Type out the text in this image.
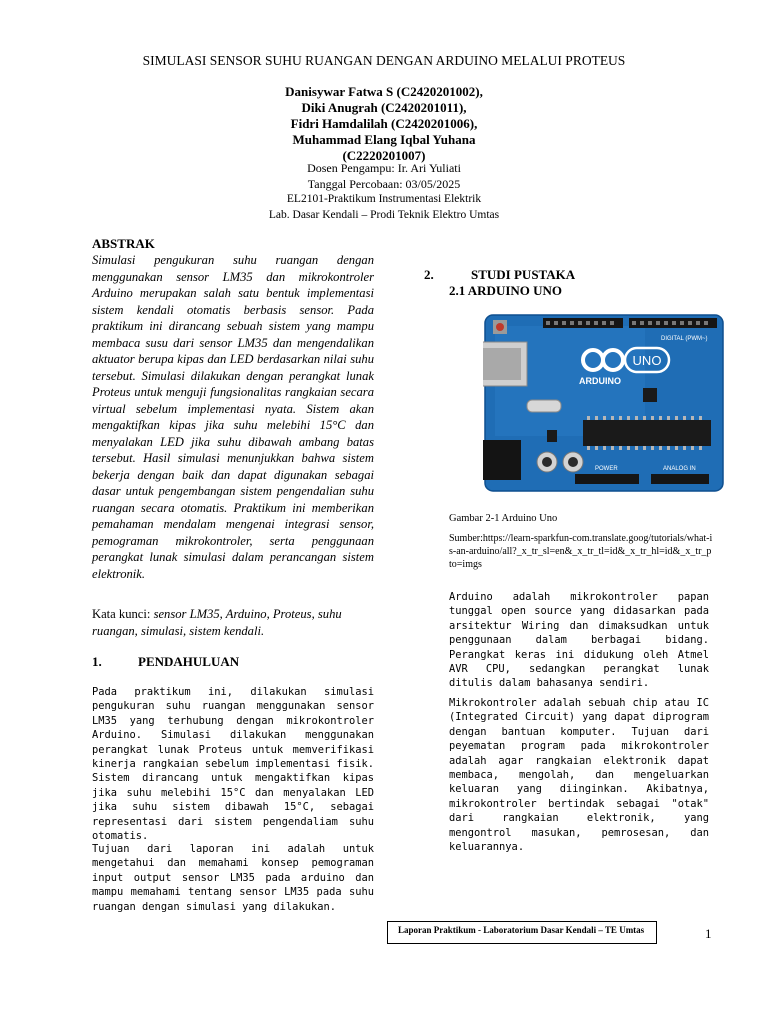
SIMULASI SENSOR SUHU RUANGAN DENGAN ARDUINO MELALUI PROTEUS
Danisywar Fatwa S (C2420201002),
Diki Anugrah (C2420201011),
Fidri Hamdalilah (C2420201006),
Muhammad Elang Iqbal Yuhana
(C2220201007)
Dosen Pengampu: Ir. Ari Yuliati
Tanggal Percobaan: 03/05/2025
EL2101-Praktikum Instrumentasi Elektrik
Lab. Dasar Kendali – Prodi Teknik Elektro Umtas
ABSTRAK
Simulasi pengukuran suhu ruangan dengan menggunakan sensor LM35 dan mikrokontroler Arduino merupakan salah satu bentuk implementasi sistem kendali otomatis berbasis sensor. Pada praktikum ini dirancang sebuah sistem yang mampu membaca susu dari sensor LM35 dan mengendalikan aktuator berupa kipas dan LED berdasarkan nilai suhu tersebut. Simulasi dilakukan dengan perangkat lunak Proteus untuk menguji fungsionalitas rangkaian secara virtual sebelum implementasi nyata. Sistem akan mengaktifkan kipas jika suhu melebihi 15°C dan menyalakan LED jika suhu dibawah ambang batas tersebut. Hasil simulasi menunjukkan bahwa sistem bekerja dengan baik dan dapat digunakan sebagai dasar untuk pengembangan sistem pengendalian suhu ruangan secara otomatis. Praktikum ini memberikan pemahaman mendalam mengenai integrasi sensor, pemograman mikrokontroler, serta penggunaan perangkat lunak simulasi dalam perancangan sistem elektronik.
Kata kunci: sensor LM35, Arduino, Proteus, suhu ruangan, simulasi, sistem kendali.
1.	PENDAHULUAN
Pada praktikum ini, dilakukan simulasi pengukuran suhu ruangan menggunakan sensor LM35 yang terhubung dengan mikrokontroler Arduino. Simulasi dilakukan menggunakan perangkat lunak Proteus untuk memverifikasi kinerja rangkaian sebelum implementasi fisik. Sistem dirancang untuk mengaktifkan kipas jika suhu melebihi 15°C dan menyalakan LED jika suhu sistem dibawah 15°C, sebagai representasi dari sistem pengendaliam suhu otomatis.
Tujuan dari laporan ini adalah untuk mengetahui dan memahami konsep pemograman input output sensor LM35 pada arduino dan mampu memahami tentang sensor LM35 pada suhu ruangan dengan simulasi yang dilakukan.
2.	STUDI PUSTAKA
2.1 ARDUINO UNO
UNO
ARDUINO
DIGITAL (PWM~)
POWER	ANALOG IN
Gambar 2-1 Arduino Uno
Sumber:https://learn-sparkfun-com.translate.goog/tutorials/what-is-an-arduino/all?_x_tr_sl=en&_x_tr_tl=id&_x_tr_hl=id&_x_tr_pto=imgs
Arduino adalah mikrokontroler papan tunggal open source yang didasarkan pada arsitektur Wiring dan dimaksudkan untuk penggunaan dalam berbagai bidang. Perangkat keras ini didukung oleh Atmel AVR CPU, sedangkan perangkat lunak ditulis dalam bahasanya sendiri.
Mikrokontroler adalah sebuah chip atau IC (Integrated Circuit) yang dapat diprogram dengan bantuan komputer. Tujuan dari peyematan program pada mikrokontroler adalah agar rangkaian elektronik dapat membaca, mengolah, dan mengeluarkan keluaran yang diinginkan. Akibatnya, mikrokontroler bertindak sebagai "otak" dari rangkaian elektronik, yang mengontrol masukan, pemrosesan, dan keluarannya.
Laporan Praktikum - Laboratorium Dasar Kendali – TE Umtas	1
